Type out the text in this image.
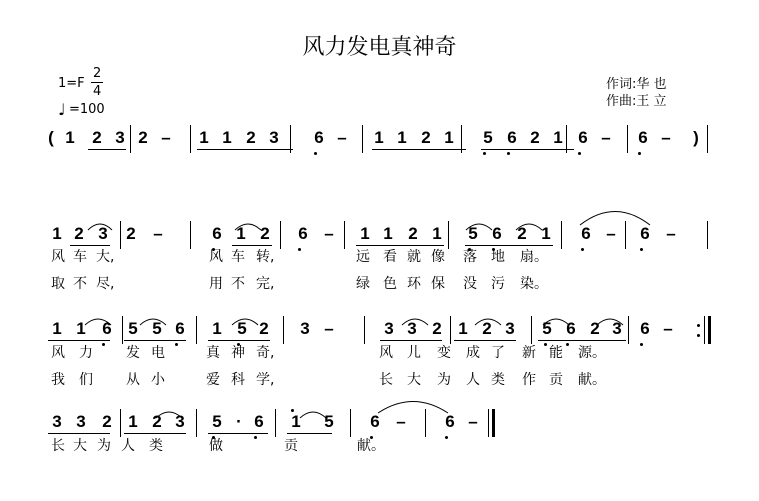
风力发电真神奇
1=F
2
4
♩ =100
作词:华 也
作曲:王 立
(	)
1 2 3 2 – 1 1 2 3 6 – 1 1 2 1 5 6 2 1 6 – 6 –
1 2 3 2 –	6 1 2 6 – 1 1 2 1 5 6 2 1 6 – 6 –
风 车 大,	风 车 转,	远 看 就 像 落 地 扇。
取 不 尽,	用 不 完,	绿 色 环 保 没 污 染。
1 1 6 5 5 6 1 5 2 3 –	3 3 2 1 2 3 5 6 2 3 6 –
风 力 发 电	真 神 奇,	风 儿 变 成 了 新 能 源。
我 们 从 小	爱 科 学,	长 大 为 人 类 作 贡 献。
3 3 2 1 2 3 5 · 6 1 5 6 – 6 –
长 大 为 人 类	做	贡	献。
